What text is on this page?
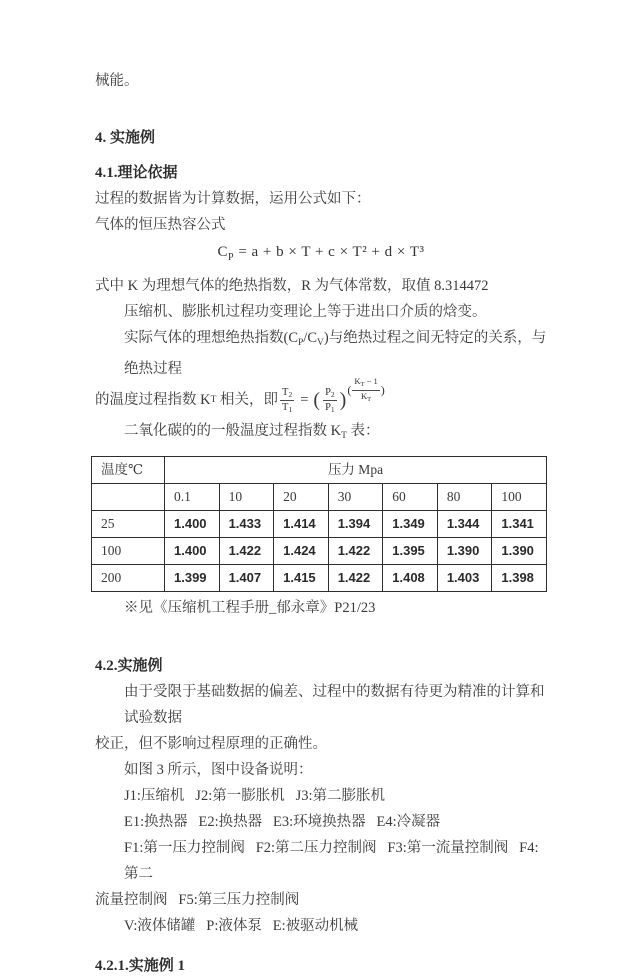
械能。

4. 实施例

4.1.理论依据

过程的数据皆为计算数据，运用公式如下：

气体的恒压热容公式

$C_P = a + b \times T + c \times T^2 + d \times T^3$

式中 K 为理想气体的绝热指数，R 为气体常数，取值 8.314472

压缩机、膨胀机过程功变理论上等于进出口介质的焓变。

实际气体的理想绝热指数$(C_P/C_V)$与绝热过程之间无特定的关系，与绝热过程

的温度过程指数 K T 相关，即 $\frac{T_2}{T_1}$ = ( $\frac{P_2}{P_1}$ ) ( $\frac{K_T - 1}{K_T}$ )

二氧化碳的的一般温度过程指数 $K_T$ 表：

温度℃	压力 Mpa						
	0.1	10	20	30	60	80	100
25	1.400	1.433	1.414	1.394	1.349	1.344	1.341
100	1.400	1.422	1.424	1.422	1.395	1.390	1.390
200	1.399	1.407	1.415	1.422	1.408	1.403	1.398

※见《压缩机工程手册_郁永章》P21/23

4.2.实施例

由于受限于基础数据的偏差、过程中的数据有待更为精准的计算和试验数据

校正，但不影响过程原理的正确性。

如图 3 所示，图中设备说明：

J1:压缩机   J2:第一膨胀机   J3:第二膨胀机

E1:换热器   E2:换热器   E3:环境换热器   E4:冷凝器

F1:第一压力控制阀   F2:第二压力控制阀   F3:第一流量控制阀   F4:第二

流量控制阀   F5:第三压力控制阀

V:液体储罐   P:液体泵   E:被驱动机械

4.2.1.实施例 1
